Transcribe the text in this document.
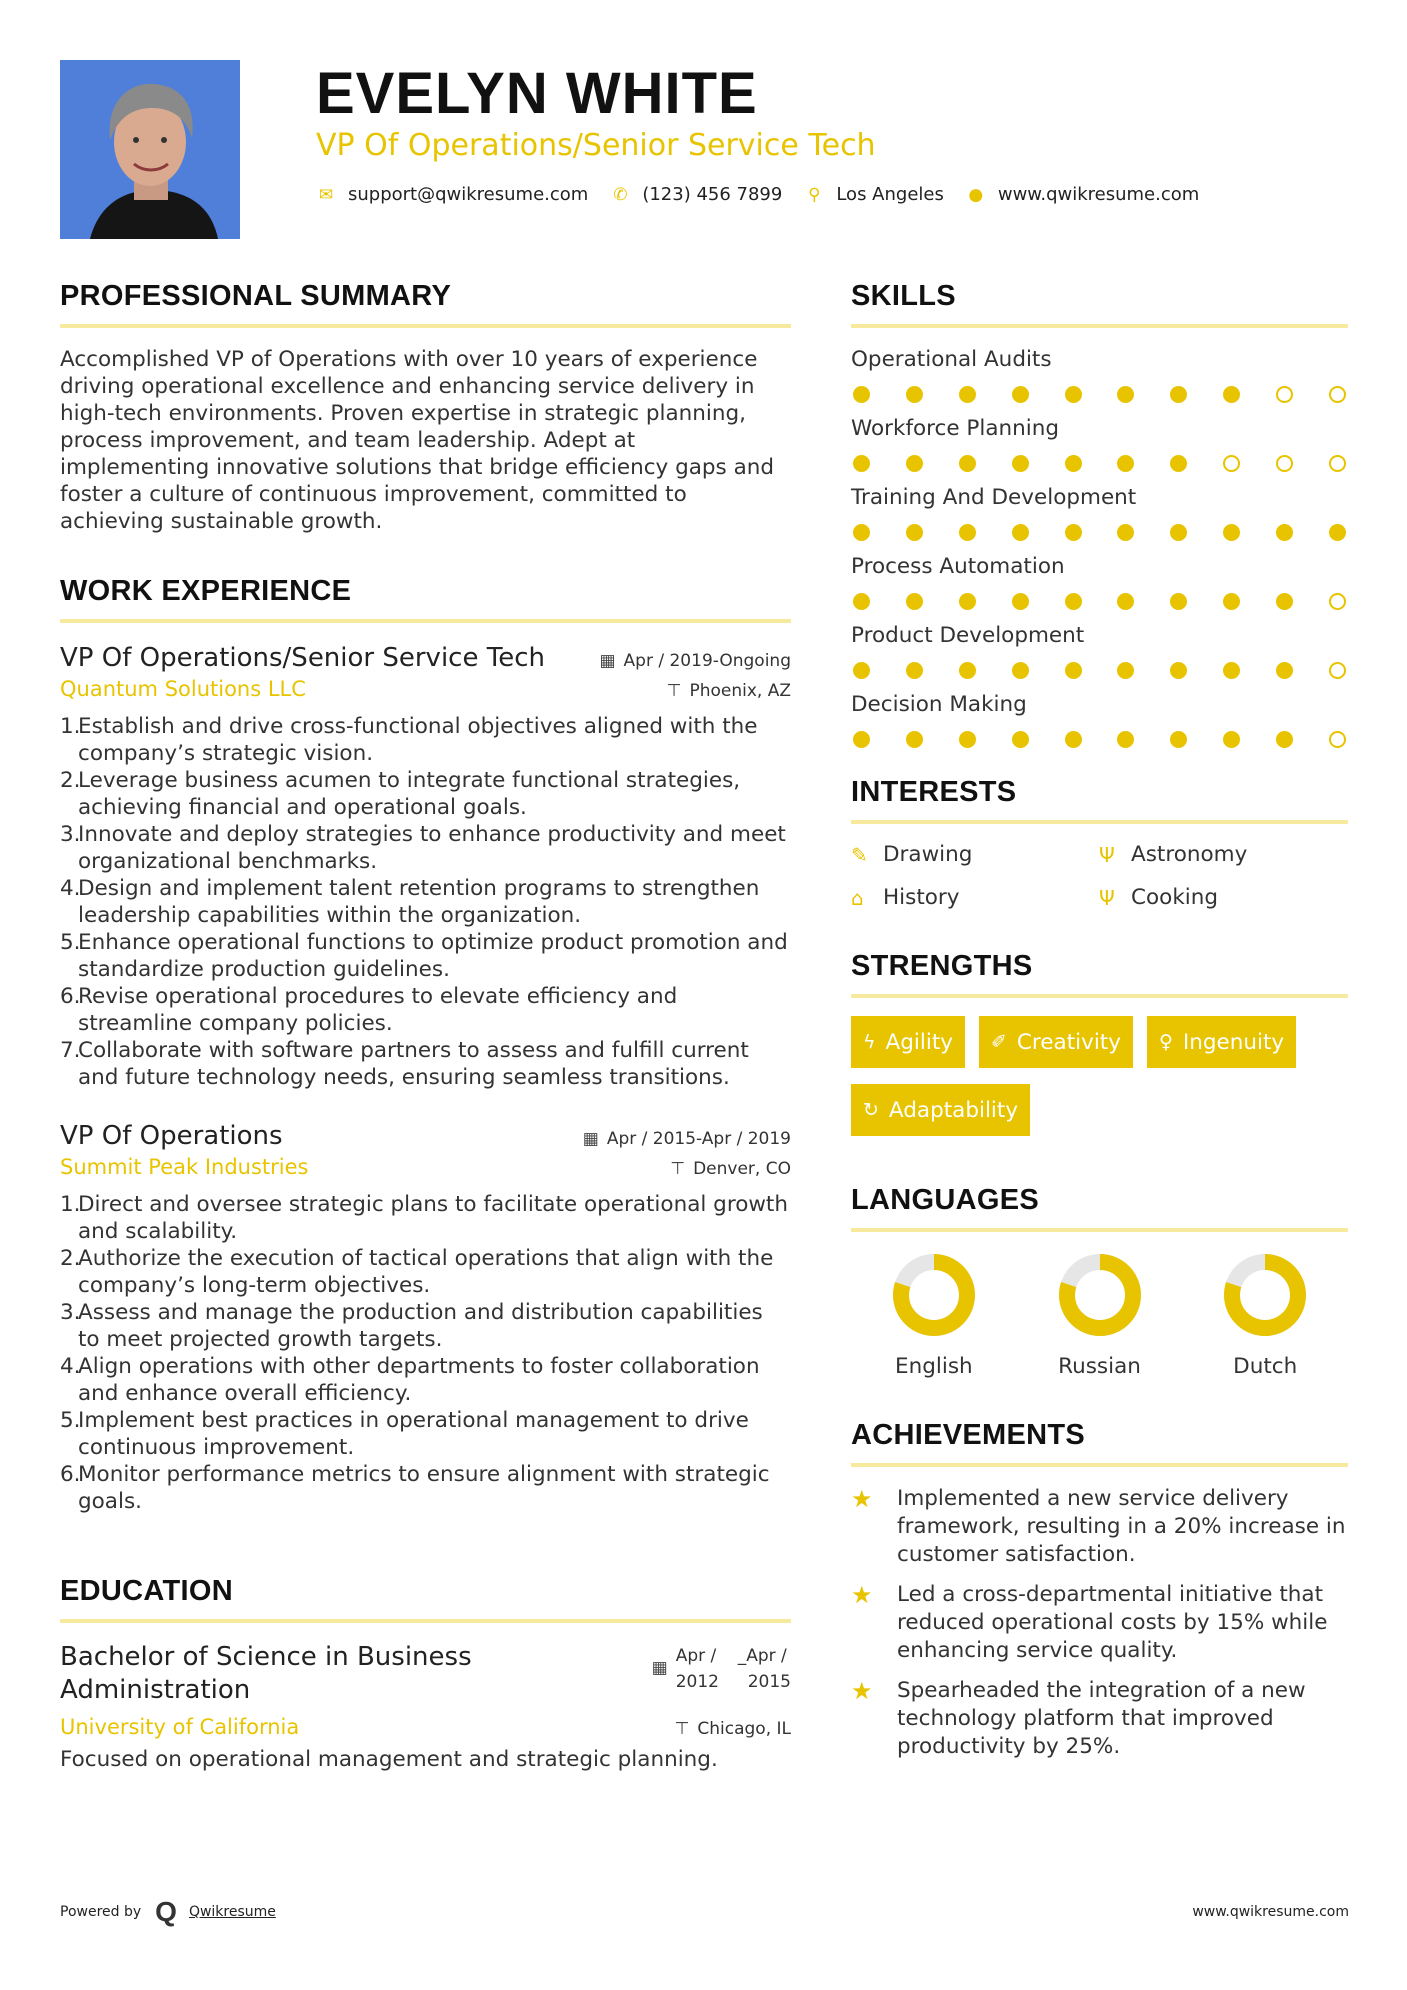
EVELYN WHITE
VP Of Operations/Senior Service Tech
✉ support@qwikresume.com ✆ (123) 456 7899 ⚲ Los Angeles ● www.qwikresume.com
PROFESSIONAL SUMMARY

Accomplished VP of Operations with over 10 years of experience driving operational excellence and enhancing service delivery in high-tech environments. Proven expertise in strategic planning, process improvement, and team leadership. Adept at implementing innovative solutions that bridge efficiency gaps and foster a culture of continuous improvement, committed to achieving sustainable growth.

WORK EXPERIENCE
VP Of Operations/Senior Service Tech	▦ Apr / 2019-Ongoing
Quantum Solutions LLC	⊤ Phoenix, AZ
1.
Establish and drive cross-functional objectives aligned with the company’s strategic vision.
2.
Leverage business acumen to integrate functional strategies, achieving financial and operational goals.
3.
Innovate and deploy strategies to enhance productivity and meet organizational benchmarks.
4.
Design and implement talent retention programs to strengthen leadership capabilities within the organization.
5.
Enhance operational functions to optimize product promotion and standardize production guidelines.
6.
Revise operational procedures to elevate efficiency and streamline company policies.
7.
Collaborate with software partners to assess and fulfill current and future technology needs, ensuring seamless transitions.
VP Of Operations	▦ Apr / 2015-Apr / 2019
Summit Peak Industries	⊤ Denver, CO
1.
Direct and oversee strategic plans to facilitate operational growth and scalability.
2.
Authorize the execution of tactical operations that align with the company’s long-term objectives.
3.
Assess and manage the production and distribution capabilities to meet projected growth targets.
4.
Align operations with other departments to foster collaboration and enhance overall efficiency.
5.
Implement best practices in operational management to drive continuous improvement.
6.
Monitor performance metrics to ensure alignment with strategic goals.
EDUCATION
Bachelor of Science in Business Administration
▦
Apr /
2012
_Apr /
2015
University of California	⊤ Chicago, IL
Focused on operational management and strategic planning.
SKILLS
Operational Audits
Workforce Planning
Training And Development
Process Automation
Product Development
Decision Making
INTERESTS
✎ Drawing	Ψ Astronomy
⌂ History	Ψ Cooking
STRENGTHS
ϟ Agility ✐ Creativity ♀ Ingenuity
↻ Adaptability
LANGUAGES
English	Russian	Dutch
ACHIEVEMENTS
★	Implemented a new service delivery framework, resulting in a 20% increase in customer satisfaction.
★	Led a cross-departmental initiative that reduced operational costs by 15% while enhancing service quality.
★	Spearheaded the integration of a new technology platform that improved productivity by 25%.
Powered by Q Qwikresume	www.qwikresume.com
